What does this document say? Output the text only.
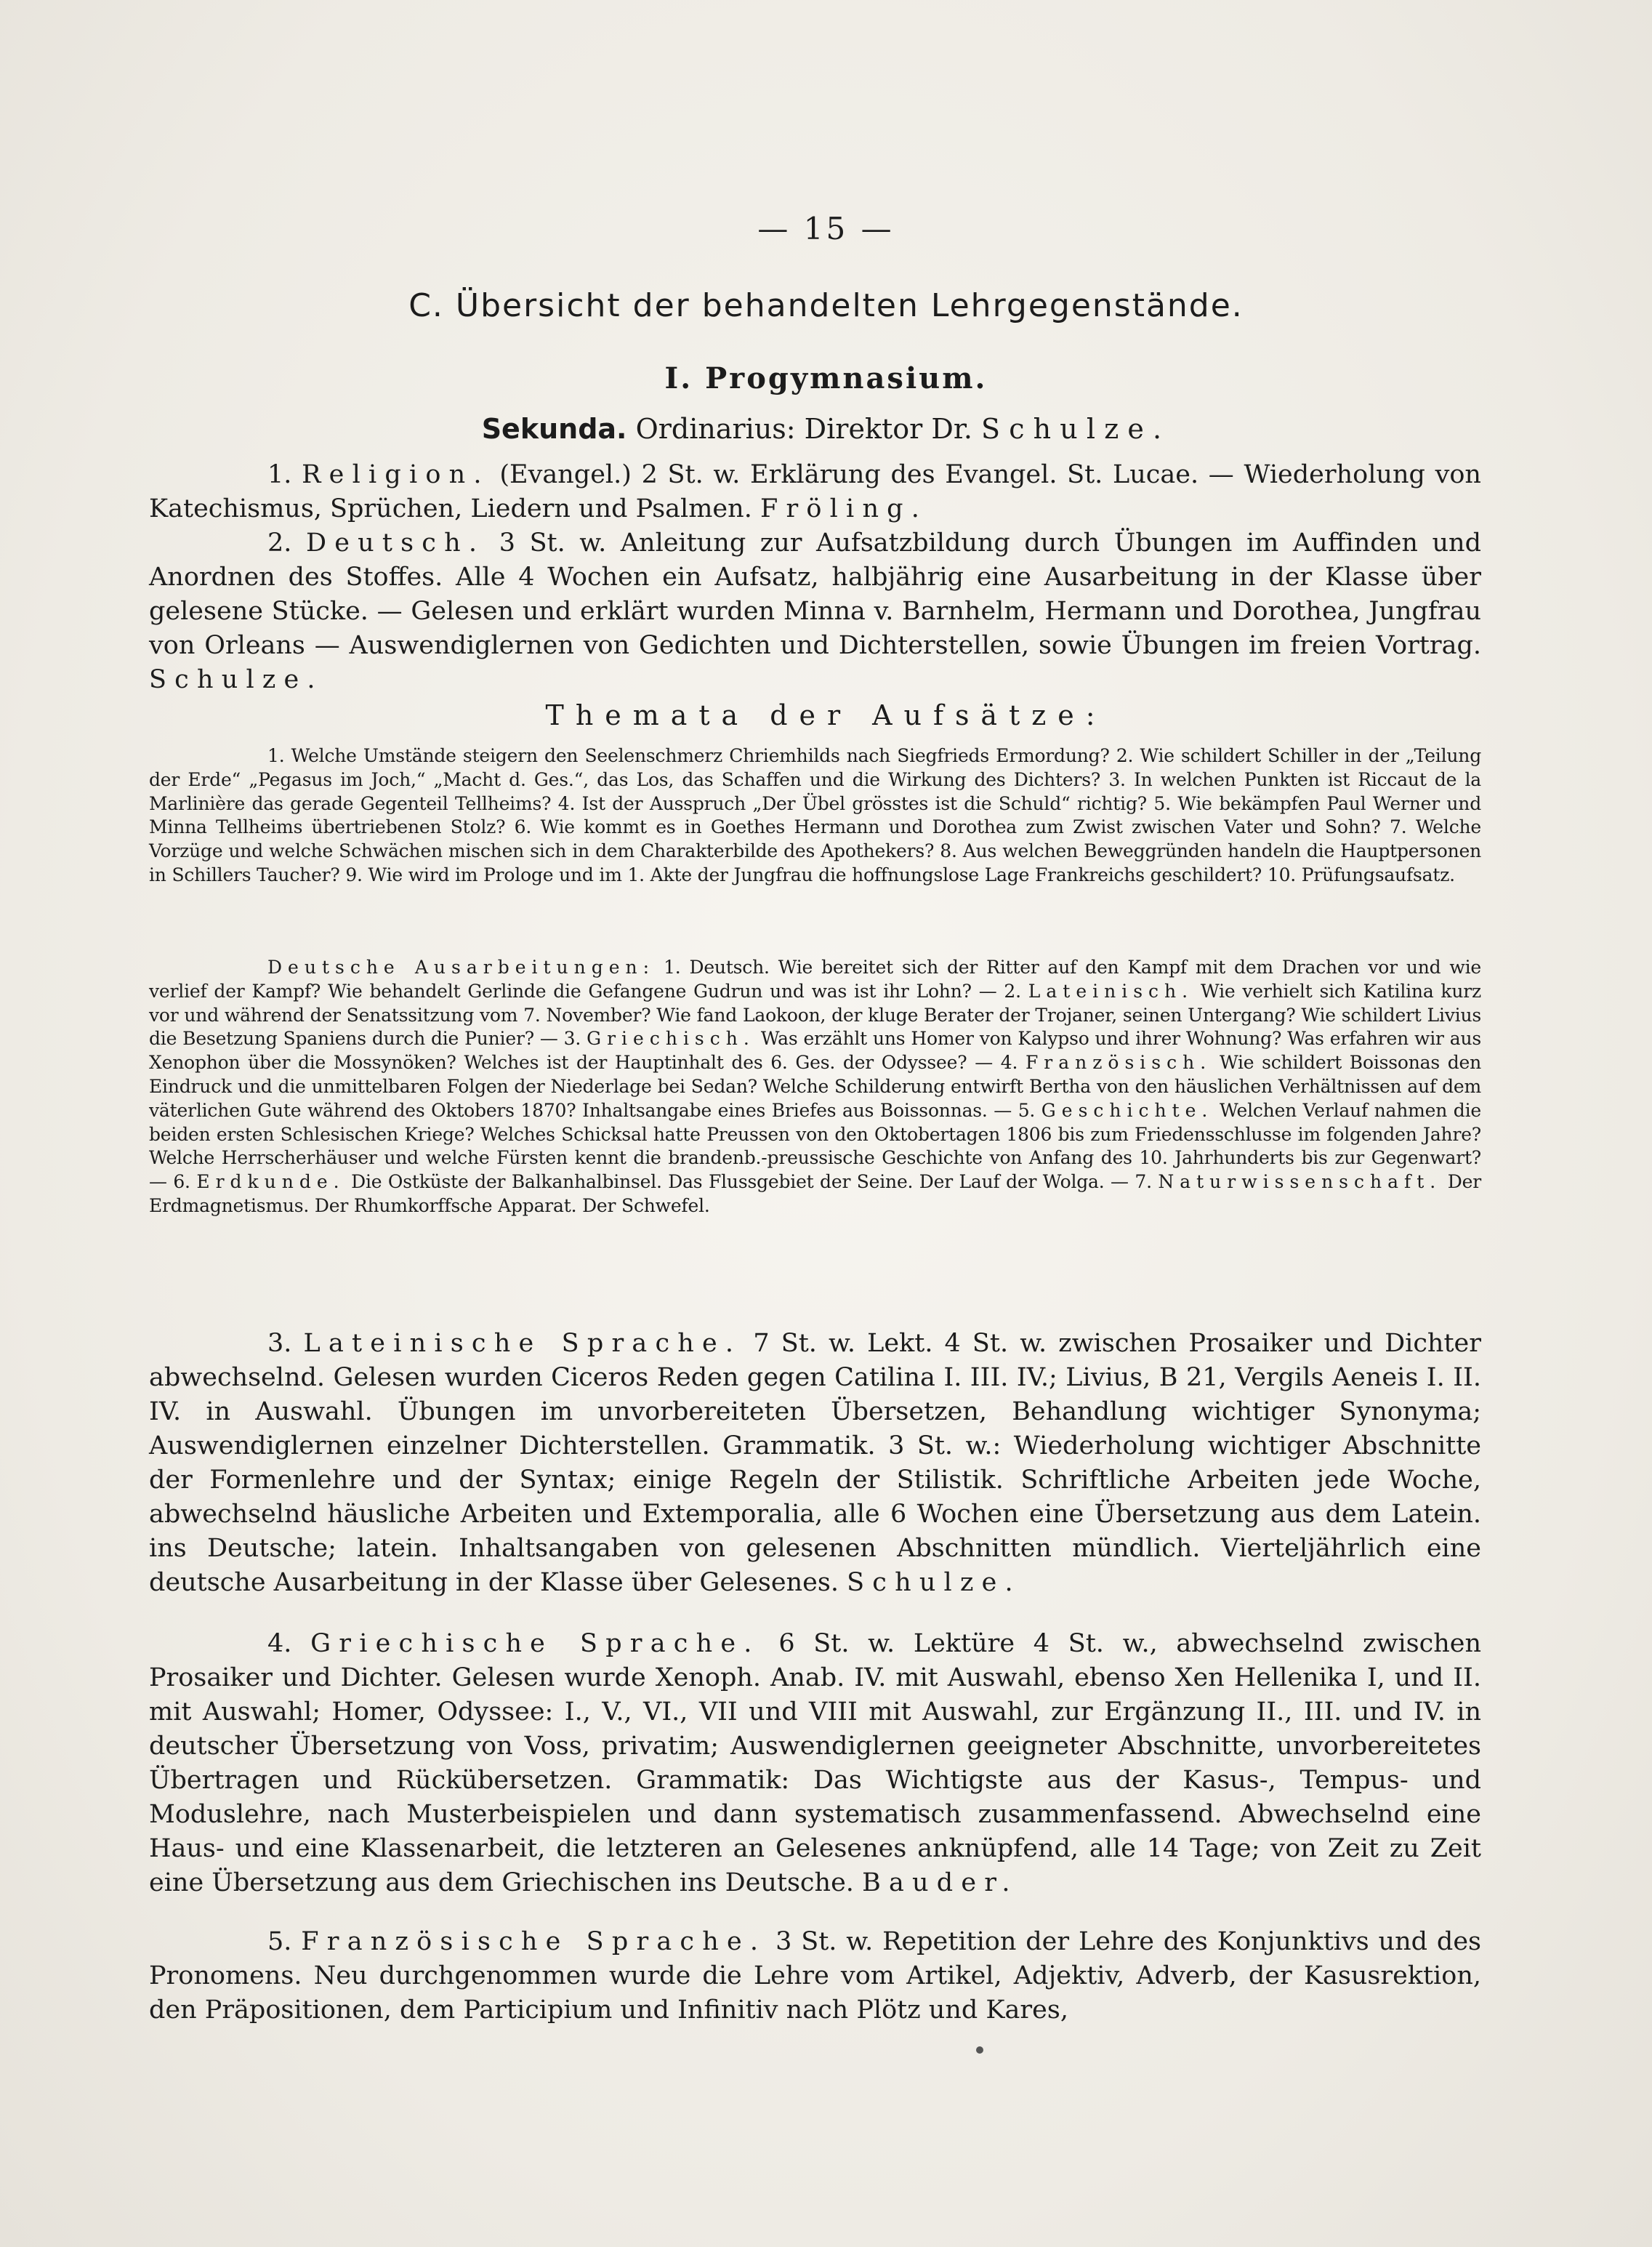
— 15 —
C. Übersicht der behandelten Lehrgegenstände.
I. Progymnasium.
Sekunda. Ordinarius: Direktor Dr. Schulze.
1. Religion. (Evangel.) 2 St. w. Erklärung des Evangel. St. Lucae. — Wiederholung von Katechismus, Sprüchen, Liedern und Psalmen. Fröling.
2. Deutsch. 3 St. w. Anleitung zur Aufsatzbildung durch Übungen im Auffinden und Anordnen des Stoffes. Alle 4 Wochen ein Aufsatz, halbjährig eine Ausarbeitung in der Klasse über gelesene Stücke. — Gelesen und erklärt wurden Minna v. Barnhelm, Hermann und Dorothea, Jungfrau von Orleans — Auswendiglernen von Gedichten und Dichterstellen, sowie Übungen im freien Vortrag. Schulze.
Themata der Aufsätze:
1. Welche Umstände steigern den Seelenschmerz Chriemhilds nach Siegfrieds Ermordung? 2. Wie schildert Schiller in der „Teilung der Erde“ „Pegasus im Joch,“ „Macht d. Ges.“, das Los, das Schaffen und die Wirkung des Dichters? 3. In welchen Punkten ist Riccaut de la Marlinière das gerade Gegenteil Tellheims? 4. Ist der Ausspruch „Der Übel grösstes ist die Schuld“ richtig? 5. Wie bekämpfen Paul Werner und Minna Tellheims übertriebenen Stolz? 6. Wie kommt es in Goethes Hermann und Dorothea zum Zwist zwischen Vater und Sohn? 7. Welche Vorzüge und welche Schwächen mischen sich in dem Charakterbilde des Apothekers? 8. Aus welchen Beweggründen handeln die Hauptpersonen in Schillers Taucher? 9. Wie wird im Prologe und im 1. Akte der Jungfrau die hoffnungslose Lage Frankreichs geschildert? 10. Prüfungsaufsatz.
Deutsche Ausarbeitungen: 1. Deutsch. Wie bereitet sich der Ritter auf den Kampf mit dem Drachen vor und wie verlief der Kampf? Wie behandelt Gerlinde die Gefangene Gudrun und was ist ihr Lohn? — 2. Lateinisch. Wie verhielt sich Katilina kurz vor und während der Senatssitzung vom 7. November? Wie fand Laokoon, der kluge Berater der Trojaner, seinen Untergang? Wie schildert Livius die Besetzung Spaniens durch die Punier? — 3. Griechisch. Was erzählt uns Homer von Kalypso und ihrer Wohnung? Was erfahren wir aus Xenophon über die Mossynöken? Welches ist der Hauptinhalt des 6. Ges. der Odyssee? — 4. Französisch. Wie schildert Boissonas den Eindruck und die unmittelbaren Folgen der Niederlage bei Sedan? Welche Schilderung entwirft Bertha von den häuslichen Verhältnissen auf dem väterlichen Gute während des Oktobers 1870? Inhaltsangabe eines Briefes aus Boissonnas. — 5. Geschichte. Welchen Verlauf nahmen die beiden ersten Schlesischen Kriege? Welches Schicksal hatte Preussen von den Oktobertagen 1806 bis zum Friedensschlusse im folgenden Jahre? Welche Herrscherhäuser und welche Fürsten kennt die brandenb.-preussische Geschichte von Anfang des 10. Jahrhunderts bis zur Gegenwart? — 6. Erdkunde. Die Ostküste der Balkanhalbinsel. Das Flussgebiet der Seine. Der Lauf der Wolga. — 7. Naturwissenschaft. Der Erdmagnetismus. Der Rhumkorffsche Apparat. Der Schwefel.
3. Lateinische Sprache. 7 St. w. Lekt. 4 St. w. zwischen Prosaiker und Dichter abwechselnd. Gelesen wurden Ciceros Reden gegen Catilina I. III. IV.; Livius, B 21, Vergils Aeneis I. II. IV. in Auswahl. Übungen im unvorbereiteten Übersetzen, Behandlung wichtiger Synonyma; Auswendiglernen einzelner Dichterstellen. Grammatik. 3 St. w.: Wiederholung wichtiger Abschnitte der Formenlehre und der Syntax; einige Regeln der Stilistik. Schriftliche Arbeiten jede Woche, abwechselnd häusliche Arbeiten und Extemporalia, alle 6 Wochen eine Übersetzung aus dem Latein. ins Deutsche; latein. Inhaltsangaben von gelesenen Abschnitten mündlich. Vierteljährlich eine deutsche Ausarbeitung in der Klasse über Gelesenes. Schulze.
4. Griechische Sprache. 6 St. w. Lektüre 4 St. w., abwechselnd zwischen Prosaiker und Dichter. Gelesen wurde Xenoph. Anab. IV. mit Auswahl, ebenso Xen Hellenika I, und II. mit Auswahl; Homer, Odyssee: I., V., VI., VII und VIII mit Auswahl, zur Ergänzung II., III. und IV. in deutscher Übersetzung von Voss, privatim; Auswendiglernen geeigneter Abschnitte, unvorbereitetes Übertragen und Rückübersetzen. Grammatik: Das Wichtigste aus der Kasus-, Tempus- und Moduslehre, nach Musterbeispielen und dann systematisch zusammenfassend. Abwechselnd eine Haus- und eine Klassenarbeit, die letzteren an Gelesenes anknüpfend, alle 14 Tage; von Zeit zu Zeit eine Übersetzung aus dem Griechischen ins Deutsche. Bauder.
5. Französische Sprache. 3 St. w. Repetition der Lehre des Konjunktivs und des Pronomens. Neu durchgenommen wurde die Lehre vom Artikel, Adjektiv, Adverb, der Kasusrektion, den Präpositionen, dem Participium und Infinitiv nach Plötz und Kares,
